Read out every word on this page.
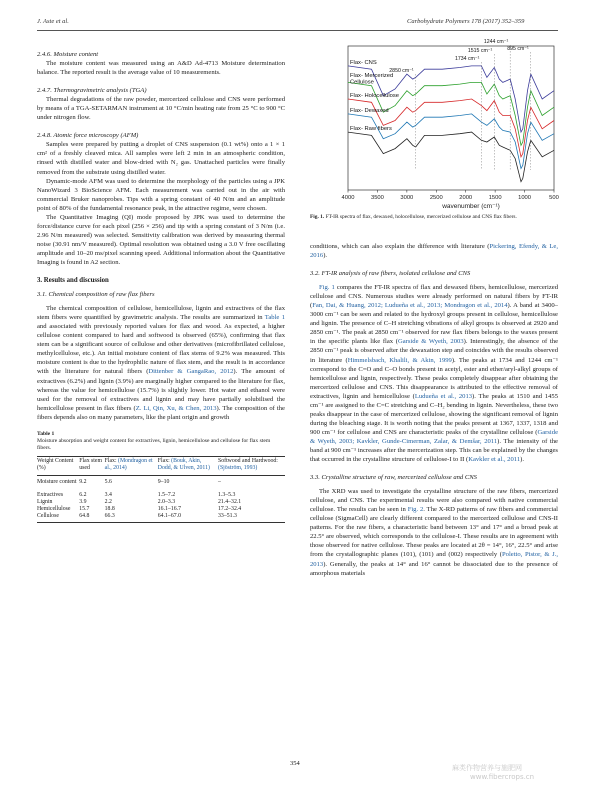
J. Aste et al.	Carbohydrate Polymers 178 (2017) 352–359
2.4.6. Moisture content

The moisture content was measured using an A&D Ad-4713 Moisture determination balance. The reported result is the average value of 10 measurements.

2.4.7. Thermogravimetric analysis (TGA)

Thermal degradations of the raw powder, mercerized cellulose and CNS were performed by means of a TGA-SETARMAN instrument at 10 °C/min heating rate from 25 °C to 900 °C under nitrogen flow.

2.4.8. Atomic force microscopy (AFM)

Samples were prepared by putting a droplet of CNS suspension (0.1 wt%) onto a 1 × 1 cm² of a freshly cleaved mica. All samples were left 2 min in an atmospheric condition, rinsed with distilled water and blow-dried with N₂ gas. Unattached particles were finally removed from the substrate using distilled water.

Dynamic-mode AFM was used to determine the morphology of the particles using a JPK NanoWizard 3 BioScience AFM. Each measurement was carried out in the air with commercial Bruker nanoprobes. Tips with a spring constant of 40 N/m and an amplitude point of 80% of the fundamental resonance peak, in the attractive regime, were chosen.

The Quantitative Imaging (QI) mode proposed by JPK was used to determine the force/distance curve for each pixel (256 × 256) and tip with a spring constant of 3 N/m (i.e. 2.96 N/m measured) was selected. Sensitivity calibration was derived by measuring thermal noise (30.91 nm/V measured). Optimal resolution was obtained using a 3.0 V free oscillating amplitude and 10–20 ms/pixel scanning speed. Additional information about the Quantitative Imaging is found in A2 section.

3. Results and discussion
3.1. Chemical composition of raw flax fibers

The chemical composition of cellulose, hemicellulose, lignin and extractives of the flax stem fibers were quantified by gravimetric analysis. The results are summarized in Table 1 and associated with previously reported values for flax and wood. As expected, a higher cellulose content compared to hard and softwood is observed (65%), confirming that flax stem can be a significant source of cellulose and other derivatives (microfibrillated cellulose, methylcellulose, etc.). An initial moisture content of flax stems of 9.2% was measured. This moisture content is due to the hydrophilic nature of flax stem, and the result is in accordance with the literature for natural fibers (Dittenber & GangaRao, 2012). The amount of extractives (6.2%) and lignin (3.9%) are marginally higher compared to the literature for flax, whereas the value for hemicellulose (15.7%) is slightly lower. Hot water and ethanol were used for the removal of extractives and lignin and may have partially solubilised the hemicellulose present in flax fibers (Z. Li, Qin, Xu, & Chen, 2013). The composition of the fibers depends also on many parameters, like the plant origin and growth

Table 1
Moisture absorption and weight content for extractives, lignin, hemicellulose and cellulose for flax stem fibers.
Weight Content (%)	Flax stem used	Flax: (Mondragon et al., 2014)	Flax: (Bouk, Akin, Dodd, & Ulven, 2011)	Softwood and Hardwood: (Sjöström, 1993)
Moisture content	9.2	5.6	9–10	–
Extractives	6.2	3.4	1.5–7.2	1.3–5.3
Lignin	3.9	2.2	2.0–3.3	21.4–32.1
Hemicellulose	15.7	18.8	16.1–16.7	17.2–32.4
Cellulose	64.8	66.3	64.1–67.0	33–51.3
4000	3500	3000	2500	2000	1500	1000	500
wavenumber (cm⁻¹)
Flax- CNS
Flax- Mercerized
Cellulose
Flax- Holocellulose
Flax- Dewaxed
Flax- Raw fibers
2850 cm⁻¹
1734 cm⁻¹
1515 cm⁻¹
1244 cm⁻¹
895 cm⁻¹
Fig. 1. FT-IR spectra of flax, dewaxed, holocellulose, mercerized cellulose and CNS flax fibers.

conditions, which can also explain the difference with literature (Pickering, Efendy, & Le, 2016).

3.2. FT-IR analysis of raw fibers, isolated cellulose and CNS

Fig. 1 compares the FT-IR spectra of flax and dewaxed fibers, hemicellulose, mercerized cellulose and CNS. Numerous studies were already performed on natural fibers by FT-IR (Fan, Dai, & Huang, 2012; Ludueña et al., 2013; Mondragon et al., 2014). A band at 3400–3000 cm⁻¹ can be seen and related to the hydroxyl groups present in cellulose, hemicellulose and lignin. The presence of C–H stretching vibrations of alkyl groups is observed at 2920 and 2850 cm⁻¹. The peak at 2850 cm⁻¹ observed for raw flax fibers belongs to the waxes present in the specific plants like flax (Garside & Wyeth, 2003). Interestingly, the absence of the 2850 cm⁻¹ peak is observed after the dewaxation step and coincides with the results observed in literature (Himmelsbach, Khalili, & Akin, 1999). The peaks at 1734 and 1244 cm⁻¹ correspond to the C=O and C–O bonds present in acetyl, ester and ether/aryl-alkyl groups of hemicellulose and lignin, respectively. These peaks completely disappear after obtaining the mercerized cellulose and CNS. This disappearance is attributed to the effective removal of extractives, lignin and hemicellulose (Ludueña et al., 2013). The peaks at 1510 and 1455 cm⁻¹ are assigned to the C=C stretching and C–H₂ bending in lignin. Nevertheless, these two peaks disappear in the case of mercerized cellulose, showing the significant removal of lignin during the bleaching stage. It is worth noting that the peaks present at 1367, 1337, 1318 and 900 cm⁻¹ for cellulose and CNS are characteristic peaks of the crystalline cellulose (Garside & Wyeth, 2003; Kavkler, Gunde-Cimerman, Zalar, & Demšar, 2011). The intensity of the band at 900 cm⁻¹ increases after the mercerization step. This can be explained by the changes that occurred in the crystalline structure of cellulose-I to II (Kavkler et al., 2011).

3.3. Crystalline structure of raw, mercerized cellulose and CNS

The XRD was used to investigate the crystalline structure of the raw fibers, mercerized cellulose, and CNS. The experimental results were also compared with native commercial cellulose. The results can be seen in Fig. 2. The X-RD patterns of raw fibers and commercial cellulose (SigmaCell) are clearly different compared to the mercerized cellulose and CNS-II patterns. For the raw fibers, a characteristic band between 13° and 17° and a broad peak at 22.5° are observed, which corresponds to the cellulose-I. These results are in agreement with those observed for native cellulose. These peaks are located at 2θ = 14°, 16°, 22.5° and arise from the crystallographic planes (101), (101) and (002) respectively (Poletto, Pistor, & J., 2013). Generally, the peaks at 14° and 16° cannot be dissociated due to the presence of amorphous materials

354
麻类作物营养与施肥网
www.fibercrops.cn
